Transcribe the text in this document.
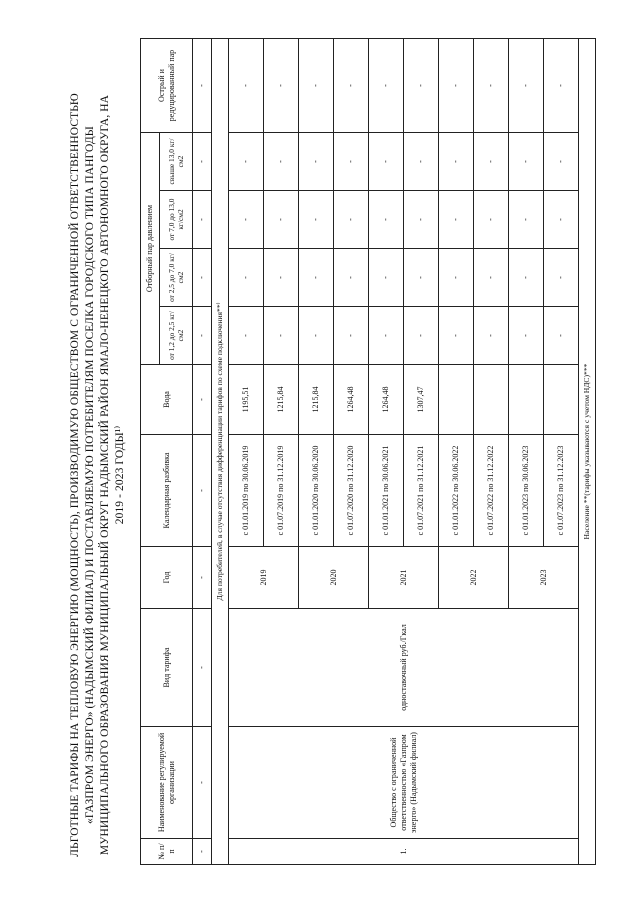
ЛЬГОТНЫЕ ТАРИФЫ НА ТЕПЛОВУЮ ЭНЕРГИЮ (МОЩНОСТЬ), ПРОИЗВОДИМУЮ ОБЩЕСТВОМ С ОГРАНИЧЕННОЙ ОТВЕТСТВЕННОСТЬЮ «ГАЗПРОМ ЭНЕРГО» (НАДЫМСКИЙ ФИЛИАЛ) И ПОСТАВЛЯЕМУЮ ПОТРЕБИТЕЛЯМ ПОСЕЛКА ГОРОДСКОГО ТИПА ПАНГОДЫ МУНИЦИПАЛЬНОГО ОБРАЗОВАНИЯ МУНИЦИПАЛЬНЫЙ ОКРУГ НАДЫМСКИЙ РАЙОН ЯМАЛО-НЕНЕЦКОГО АВТОНОМНОГО ОКРУГА, НА 2019 - 2023 ГОДЫ¹⁾
№ п/п	Наименование регулируемой организации	Вид тарифа	Год	Календарная разбивка	Вода	Отборный пар давлением				Острый и редуцированный пар
						от 1,2 до 2,5 кг/см2	от 2,5 до 7,0 кг/см2	от 7,0 до 13,0 кг/см2	свыше 13,0 кг/см2	
-	-	-	-	-	-	-	-	-	-	-
Для потребителей, в случае отсутствия дифференциации тарифов по схеме подключения**⁾										
1.	Общество с ограниченной ответственностью «Газпром энерго» (Надымский филиал)	одноставочный руб./Гкал	2019	с 01.01.2019 по 30.06.2019	1195,51	-	-	-	-	-
				с 01.07.2019 по 31.12.2019	1215,84	-	-	-	-	-
			2020	с 01.01.2020 по 30.06.2020	1215,84	-	-	-	-	-
				с 01.07.2020 по 31.12.2020	1264,48	-	-	-	-	-
			2021	с 01.01.2021 по 30.06.2021	1264,48	-	-	-	-	-
				с 01.07.2021 по 31.12.2021	1307,47	-	-	-	-	-
			2022	с 01.01.2022 по 30.06.2022		-	-	-	-	-
				с 01.07.2022 по 31.12.2022		-	-	-	-	-
			2023	с 01.01.2023 по 30.06.2023		-	-	-	-	-
				с 01.07.2023 по 31.12.2023		-	-	-	-	-
Население **(тарифы указываются с учетом НДС)***										
